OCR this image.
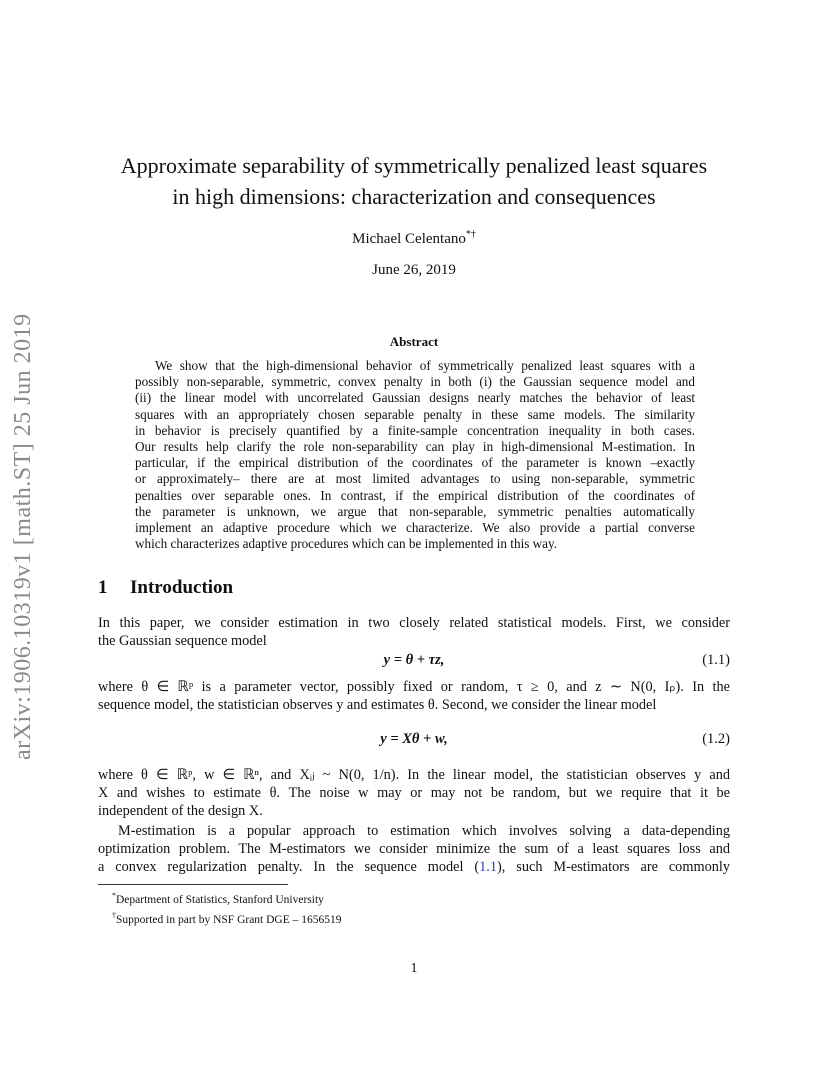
arXiv:1906.10319v1 [math.ST] 25 Jun 2019
Approximate separability of symmetrically penalized least squares
in high dimensions: characterization and consequences
Michael Celentano*†
June 26, 2019
Abstract
We show that the high-dimensional behavior of symmetrically penalized least squares with a
possibly non-separable, symmetric, convex penalty in both (i) the Gaussian sequence model and
(ii) the linear model with uncorrelated Gaussian designs nearly matches the behavior of least
squares with an appropriately chosen separable penalty in these same models. The similarity
in behavior is precisely quantified by a finite-sample concentration inequality in both cases.
Our results help clarify the role non-separability can play in high-dimensional M-estimation. In
particular, if the empirical distribution of the coordinates of the parameter is known –exactly
or approximately– there are at most limited advantages to using non-separable, symmetric
penalties over separable ones. In contrast, if the empirical distribution of the coordinates of
the parameter is unknown, we argue that non-separable, symmetric penalties automatically
implement an adaptive procedure which we characterize. We also provide a partial converse
which characterizes adaptive procedures which can be implemented in this way.
1 Introduction
In this paper, we consider estimation in two closely related statistical models. First, we consider
the Gaussian sequence model
y = θ + τz,	(1.1)
where θ ∈ ℝᵖ is a parameter vector, possibly fixed or random, τ ≥ 0, and z ∼ N(0, Iₚ). In the
sequence model, the statistician observes y and estimates θ. Second, we consider the linear model
y = Xθ + w,	(1.2)
where θ ∈ ℝᵖ, w ∈ ℝⁿ, and Xᵢⱼ ~ N(0, 1/n). In the linear model, the statistician observes y and
X and wishes to estimate θ. The noise w may or may not be random, but we require that it be
independent of the design X.
M-estimation is a popular approach to estimation which involves solving a data-depending
optimization problem. The M-estimators we consider minimize the sum of a least squares loss and
a convex regularization penalty. In the sequence model (1.1), such M-estimators are commonly
*Department of Statistics, Stanford University
†Supported in part by NSF Grant DGE – 1656519
1
